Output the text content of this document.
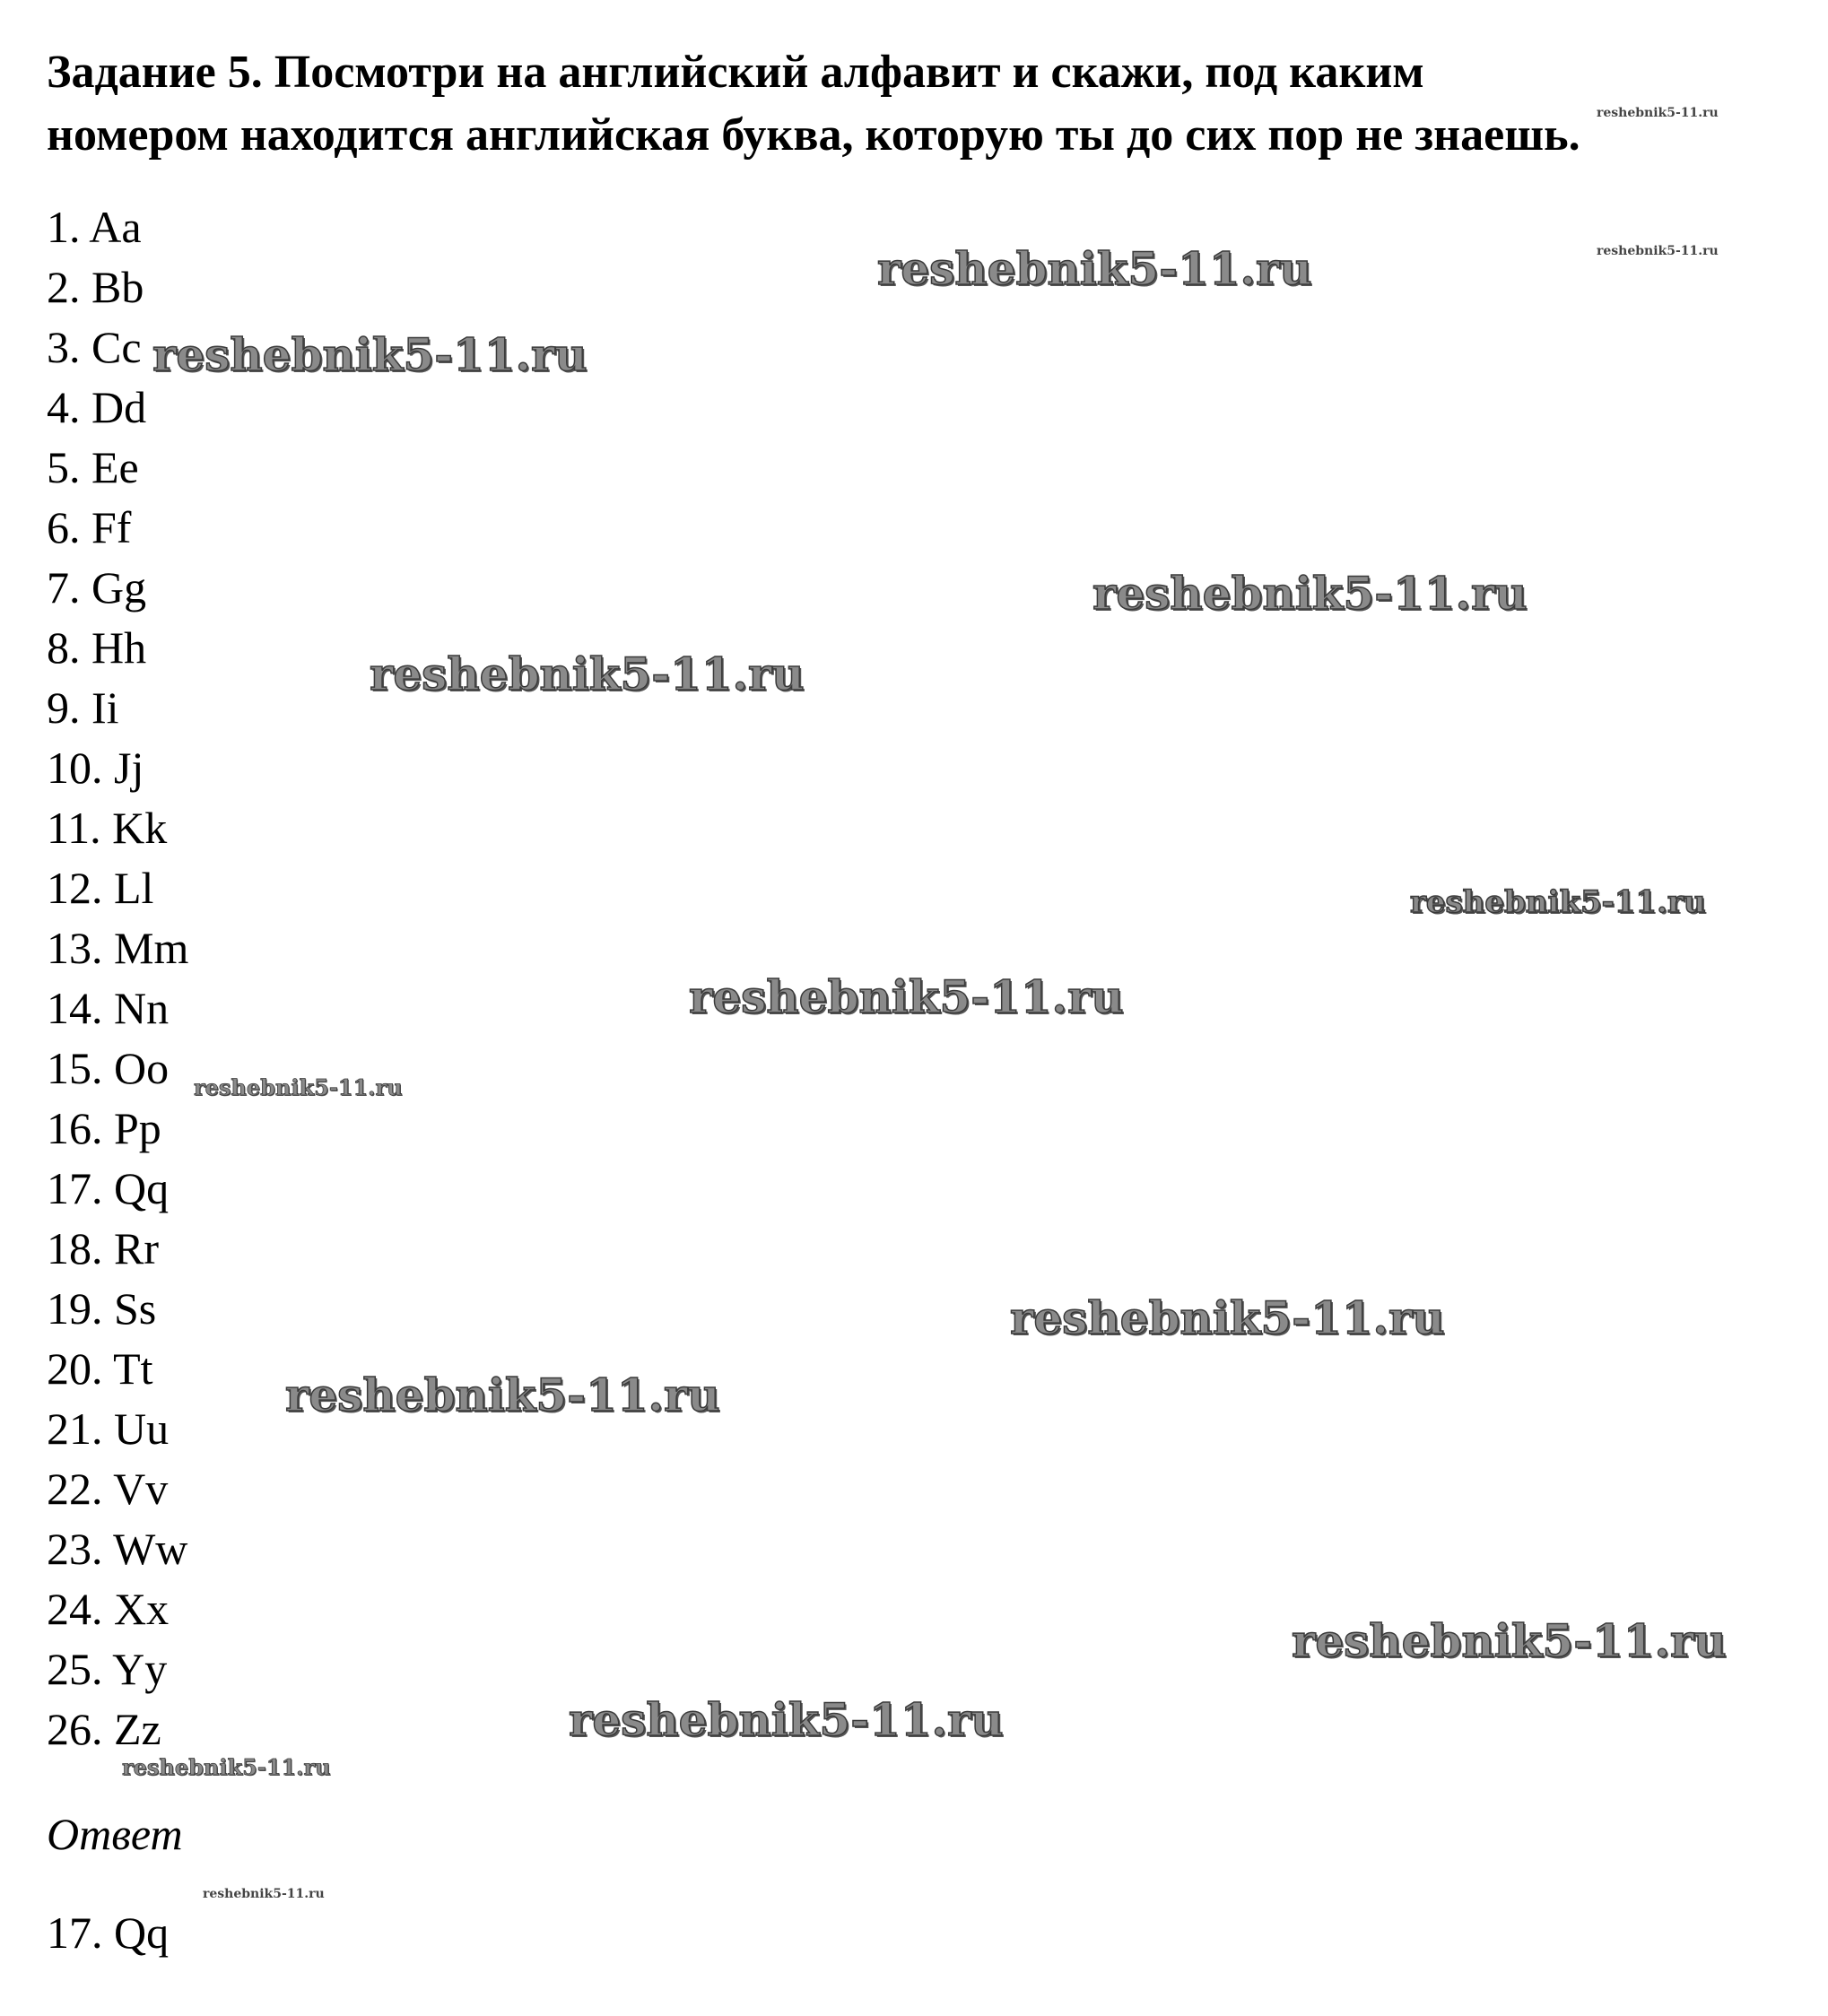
Задание 5. Посмотри на английский алфавит и скажи, под каким
номером находится английская буква, которую ты до сих пор не знаешь.
1. Aa
2. Bb
3. Cc
4. Dd
5. Ee
6. Ff
7. Gg
8. Hh
9. Ii
10. Jj
11. Kk
12. Ll
13. Mm
14. Nn
15. Oo
16. Pp
17. Qq
18. Rr
19. Ss
20. Tt
21. Uu
22. Vv
23. Ww
24. Xx
25. Yy
26. Zz
Ответ
17. Qq
reshebnik5-11.ru
reshebnik5-11.ru
reshebnik5-11.ru
reshebnik5-11.ru
reshebnik5-11.ru
reshebnik5-11.ru
reshebnik5-11.ru
reshebnik5-11.ru
reshebnik5-11.ru
reshebnik5-11.ru
reshebnik5-11.ru
reshebnik5-11.ru
reshebnik5-11.ru
reshebnik5-11.ru
reshebnik5-11.ru
